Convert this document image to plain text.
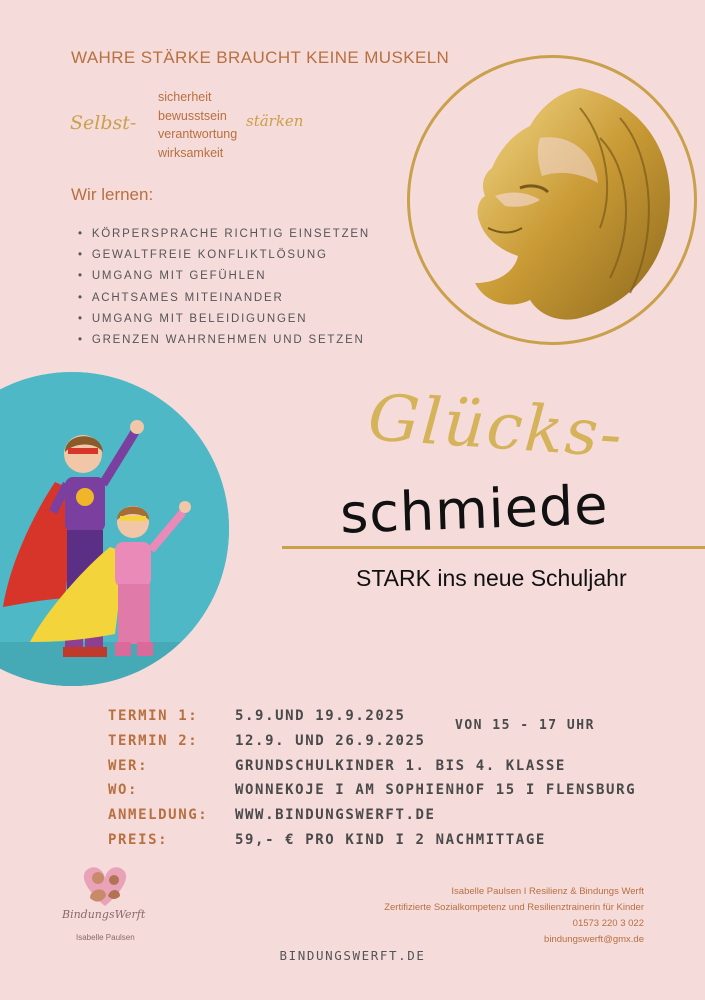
WAHRE STÄRKE BRAUCHT KEINE MUSKELN
Selbst-
sicherheit
bewusstsein
verantwortung
wirksamkeit
stärken
Wir lernen:
• KÖRPERSPRACHE RICHTIG EINSETZEN
• GEWALTFREIE KONFLIKTLÖSUNG
• UMGANG MIT GEFÜHLEN
• ACHTSAMES MITEINANDER
• UMGANG MIT BELEIDIGUNGEN
• GRENZEN WAHRNEHMEN UND SETZEN
Glücks-
schmiede
STARK ins neue Schuljahr
TERMIN 1:	5.9.UND 19.9.2025
TERMIN 2:	12.9. UND 26.9.2025
WER:	GRUNDSCHULKINDER 1. BIS 4. KLASSE
WO:	WONNEKOJE I AM SOPHIENHOF 15 I FLENSBURG
ANMELDUNG:	WWW.BINDUNGSWERFT.DE
PREIS:	59,- € PRO KIND I 2 NACHMITTAGE
VON 15 - 17 UHR
BindungsWerft
Isabelle Paulsen
Isabelle Paulsen I Resilienz & Bindungs Werft
Zertifizierte Sozialkompetenz und Resilienztrainerin für Kinder
01573 220 3 022
bindungswerft@gmx.de
BINDUNGSWERFT.DE
